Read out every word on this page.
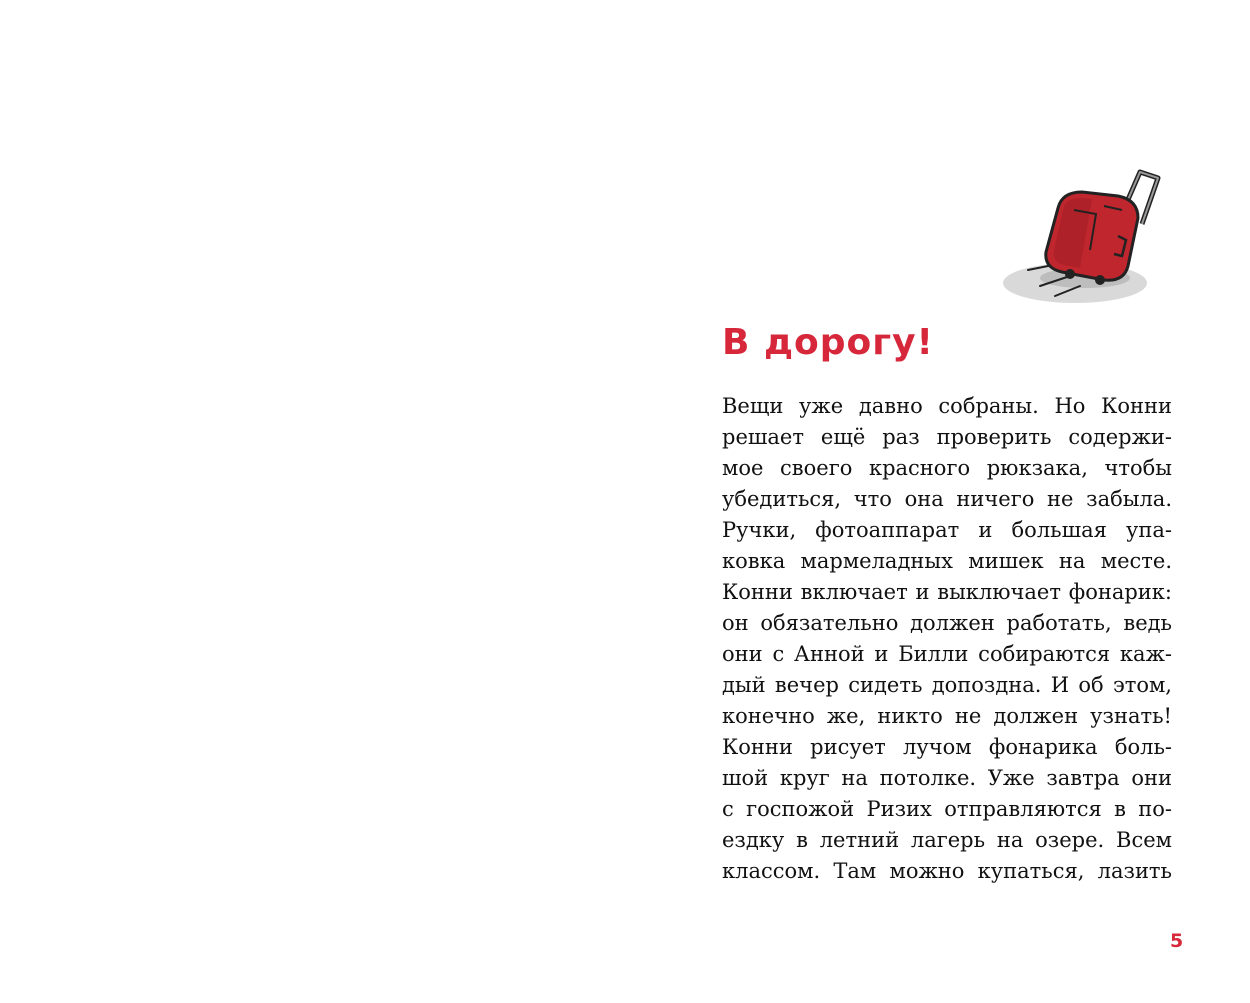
В дорогу!
Вещи уже давно собраны. Но Конни
решает ещё раз проверить содержи-
мое своего красного рюкзака, чтобы
убедиться, что она ничего не забыла.
Ручки, фотоаппарат и большая упа-
ковка мармеладных мишек на месте.
Конни включает и выключает фонарик:
он обязательно должен работать, ведь
они с Анной и Билли собираются каж-
дый вечер сидеть допоздна. И об этом,
конечно же, никто не должен узнать!
Конни рисует лучом фонарика боль-
шой круг на потолке. Уже завтра они
с госпожой Ризих отправляются в по-
ездку в летний лагерь на озере. Всем
классом. Там можно купаться, лазить
5
